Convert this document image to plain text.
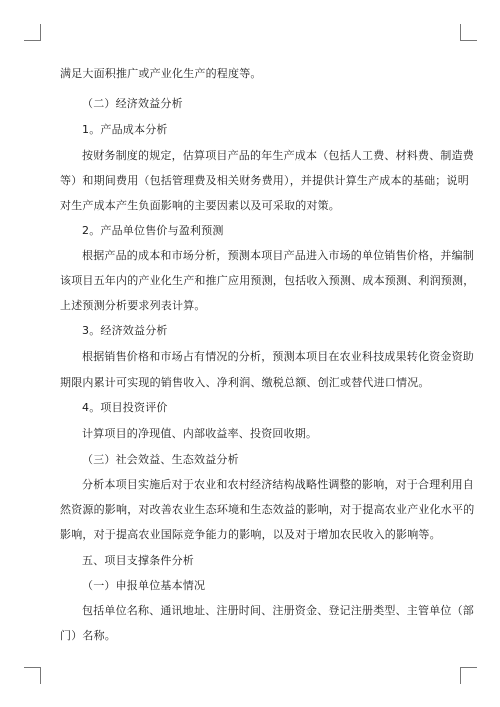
满足大面积推广或产业化生产的程度等。
（二）经济效益分析
1。产品成本分析
按财务制度的规定，估算项目产品的年生产成本（包括人工费、材料费、制造费
等）和期间费用（包括管理费及相关财务费用），并提供计算生产成本的基础；说明
对生产成本产生负面影响的主要因素以及可采取的对策。
2。产品单位售价与盈利预测
根据产品的成本和市场分析，预测本项目产品进入市场的单位销售价格，并编制
该项目五年内的产业化生产和推广应用预测，包括收入预测、成本预测、利润预测，
上述预测分析要求列表计算。
3。经济效益分析
根据销售价格和市场占有情况的分析，预测本项目在农业科技成果转化资金资助
期限内累计可实现的销售收入、净利润、缴税总额、创汇或替代进口情况。
4。项目投资评价
计算项目的净现值、内部收益率、投资回收期。
（三）社会效益、生态效益分析
分析本项目实施后对于农业和农村经济结构战略性调整的影响，对于合理利用自
然资源的影响，对改善农业生态环境和生态效益的影响，对于提高农业产业化水平的
影响，对于提高农业国际竞争能力的影响，以及对于增加农民收入的影响等。
五、项目支撑条件分析
（一）申报单位基本情况
包括单位名称、通讯地址、注册时间、注册资金、登记注册类型、主管单位（部
门）名称。
